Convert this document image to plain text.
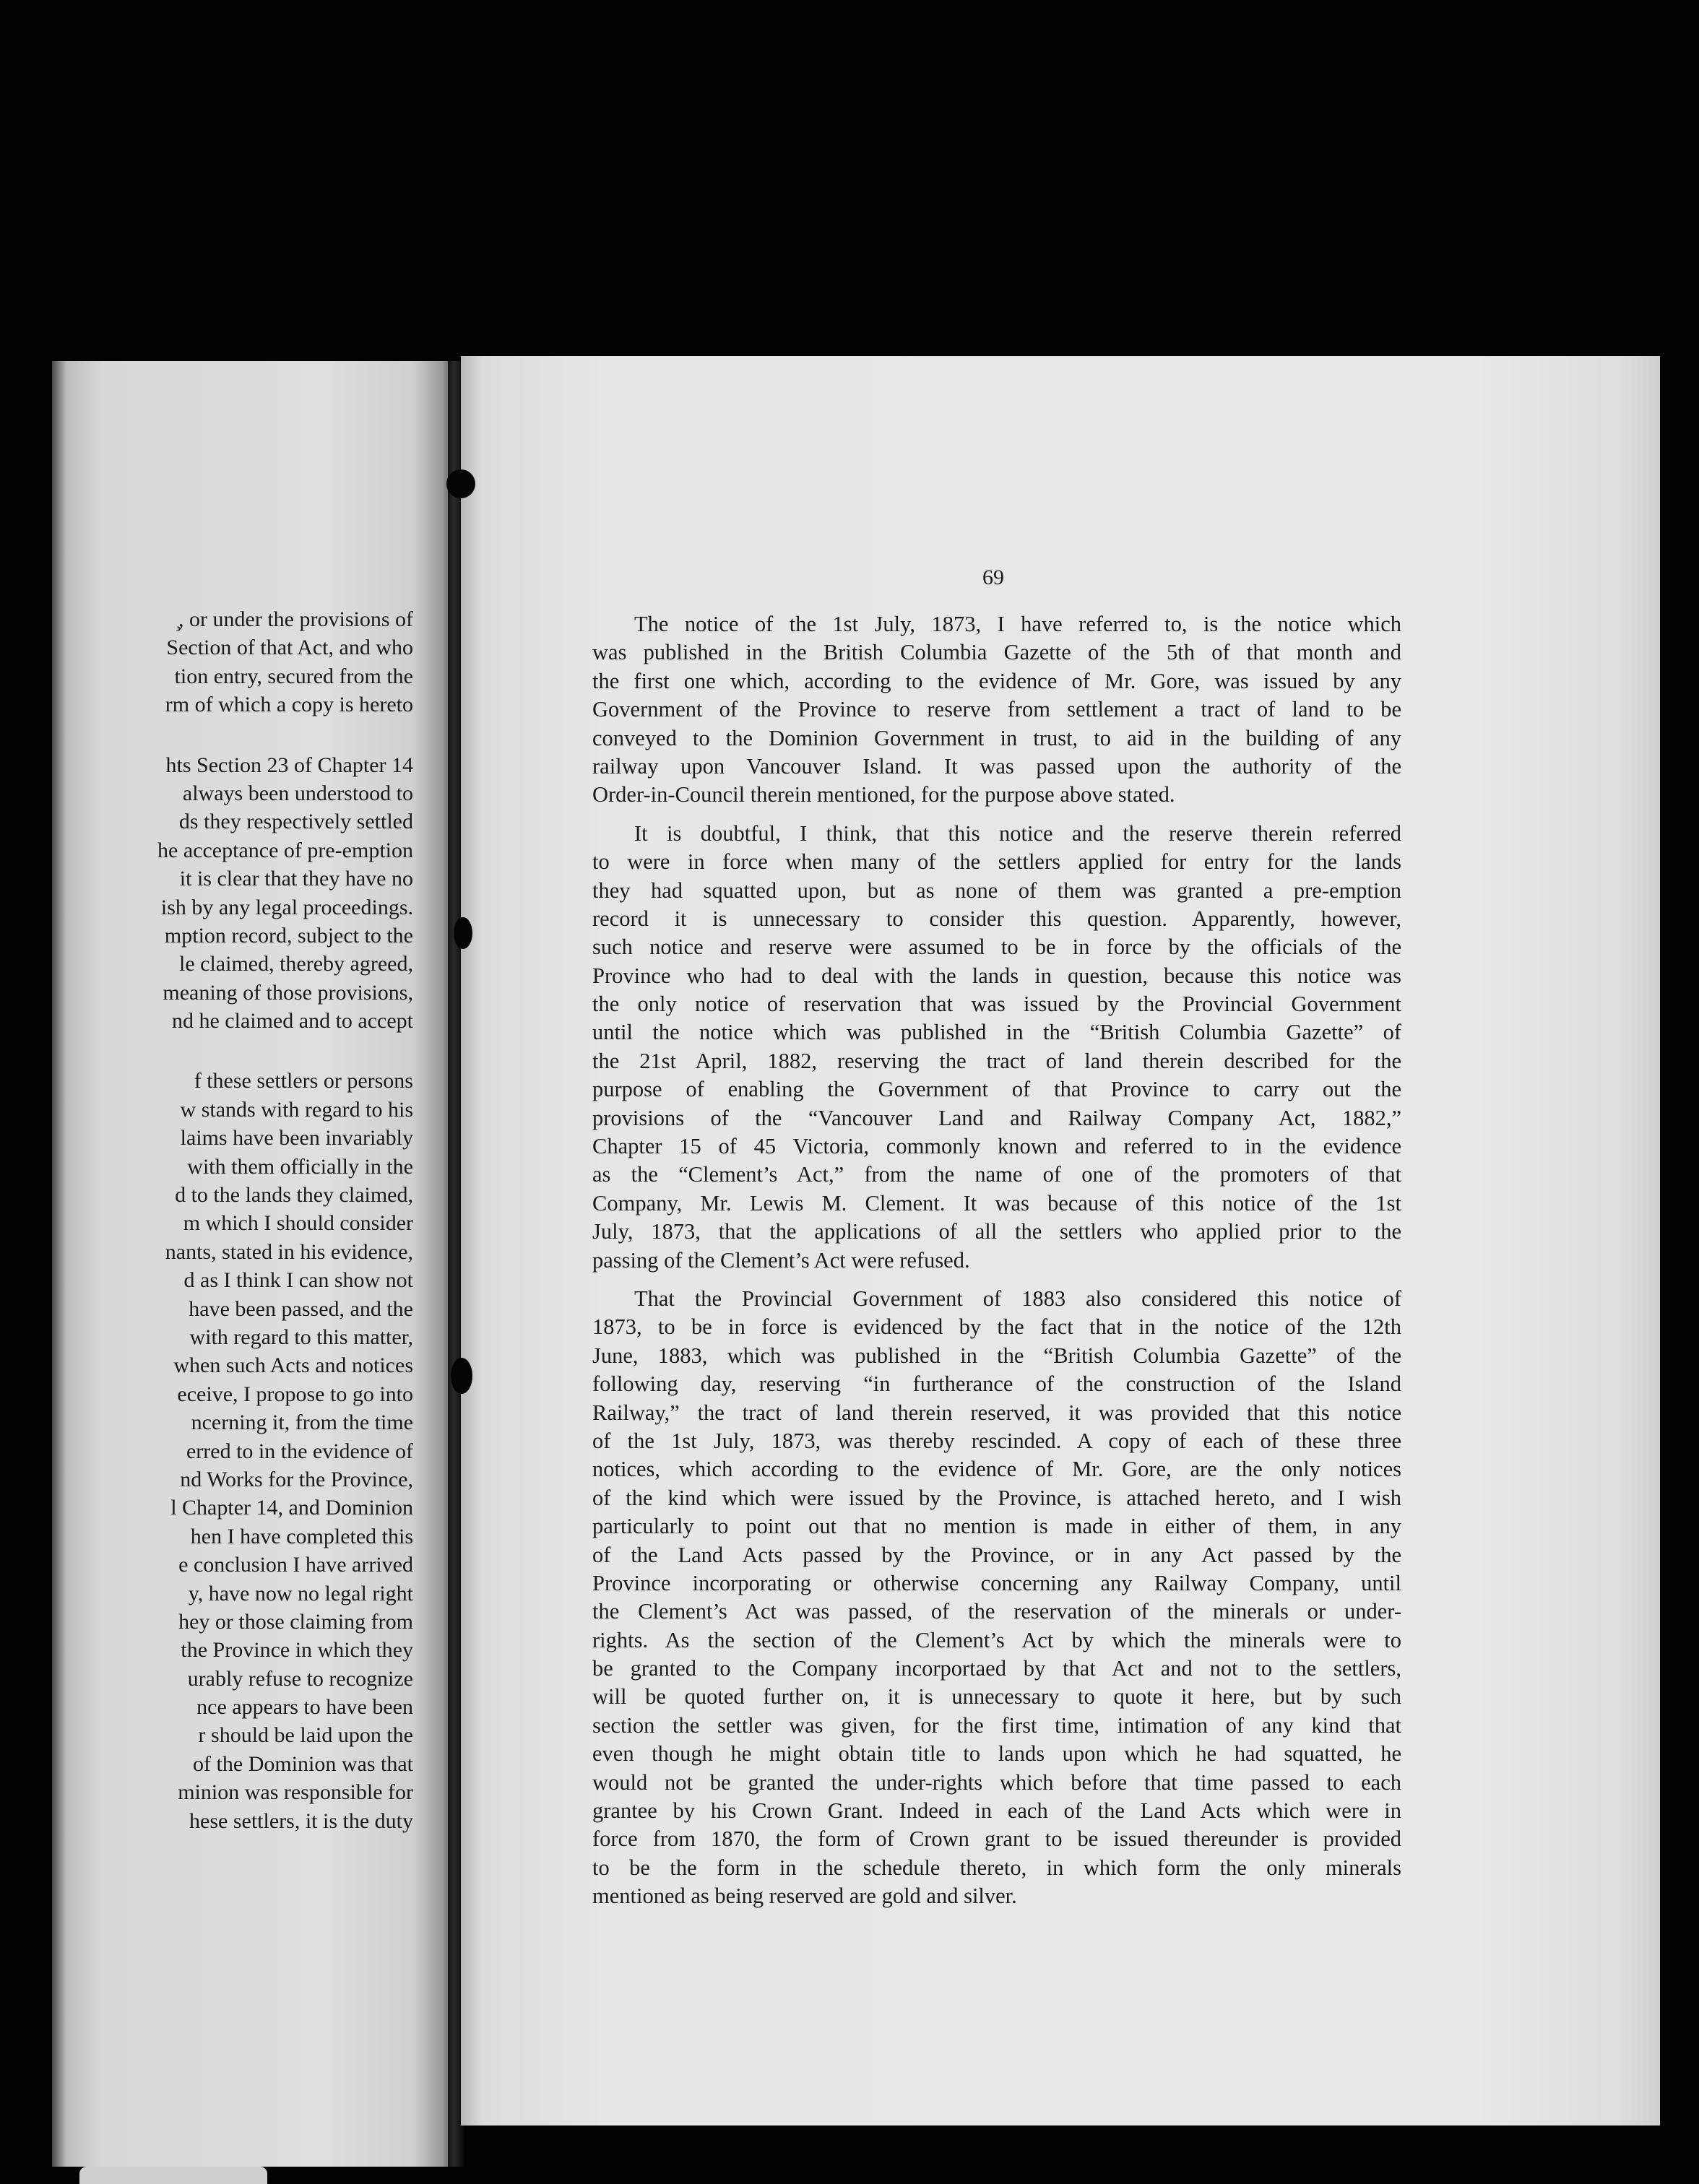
̧, or under the provisions of
Section of that Act, and who
tion entry, secured from the
rm of which a copy is hereto
hts Section 23 of Chapter 14
always been understood to
ds they respectively settled
he acceptance of pre-emption
it is clear that they have no
ish by any legal proceedings.
mption record, subject to the
le claimed, thereby agreed,
meaning of those provisions,
nd he claimed and to accept
f these settlers or persons
w stands with regard to his
laims have been invariably
with them officially in the
d to the lands they claimed,
m which I should consider
nants, stated in his evidence,
d as I think I can show not
have been passed, and the
with regard to this matter,
when such Acts and notices
eceive, I propose to go into
ncerning it, from the time
erred to in the evidence of
nd Works for the Province,
l Chapter 14, and Dominion
hen I have completed this
e conclusion I have arrived
y, have now no legal right
hey or those claiming from
the Province in which they
urably refuse to recognize
nce appears to have been
r should be laid upon the
of the Dominion was that
minion was responsible for
hese settlers, it is the duty
69

The notice of the 1st July, 1873, I have referred to, is the notice which
was published in the British Columbia Gazette of the 5th of that month and
the first one which, according to the evidence of Mr. Gore, was issued by any
Government of the Province to reserve from settlement a tract of land to be
conveyed to the Dominion Government in trust, to aid in the building of any
railway upon Vancouver Island. It was passed upon the authority of the
Order-in-Council therein mentioned, for the purpose above stated.

It is doubtful, I think, that this notice and the reserve therein referred
to were in force when many of the settlers applied for entry for the lands
they had squatted upon, but as none of them was granted a pre-emption
record it is unnecessary to consider this question. Apparently, however,
such notice and reserve were assumed to be in force by the officials of the
Province who had to deal with the lands in question, because this notice was
the only notice of reservation that was issued by the Provincial Government
until the notice which was published in the “British Columbia Gazette” of
the 21st April, 1882, reserving the tract of land therein described for the
purpose of enabling the Government of that Province to carry out the
provisions of the “Vancouver Land and Railway Company Act, 1882,”
Chapter 15 of 45 Victoria, commonly known and referred to in the evidence
as the “Clement’s Act,” from the name of one of the promoters of that
Company, Mr. Lewis M. Clement. It was because of this notice of the 1st
July, 1873, that the applications of all the settlers who applied prior to the
passing of the Clement’s Act were refused.

That the Provincial Government of 1883 also considered this notice of
1873, to be in force is evidenced by the fact that in the notice of the 12th
June, 1883, which was published in the “British Columbia Gazette” of the
following day, reserving “in furtherance of the construction of the Island
Railway,” the tract of land therein reserved, it was provided that this notice
of the 1st July, 1873, was thereby rescinded. A copy of each of these three
notices, which according to the evidence of Mr. Gore, are the only notices
of the kind which were issued by the Province, is attached hereto, and I wish
particularly to point out that no mention is made in either of them, in any
of the Land Acts passed by the Province, or in any Act passed by the
Province incorporating or otherwise concerning any Railway Company, until
the Clement’s Act was passed, of the reservation of the minerals or under-
rights. As the section of the Clement’s Act by which the minerals were to
be granted to the Company incorportaed by that Act and not to the settlers,
will be quoted further on, it is unnecessary to quote it here, but by such
section the settler was given, for the first time, intimation of any kind that
even though he might obtain title to lands upon which he had squatted, he
would not be granted the under-rights which before that time passed to each
grantee by his Crown Grant. Indeed in each of the Land Acts which were in
force from 1870, the form of Crown grant to be issued thereunder is provided
to be the form in the schedule thereto, in which form the only minerals
mentioned as being reserved are gold and silver.
